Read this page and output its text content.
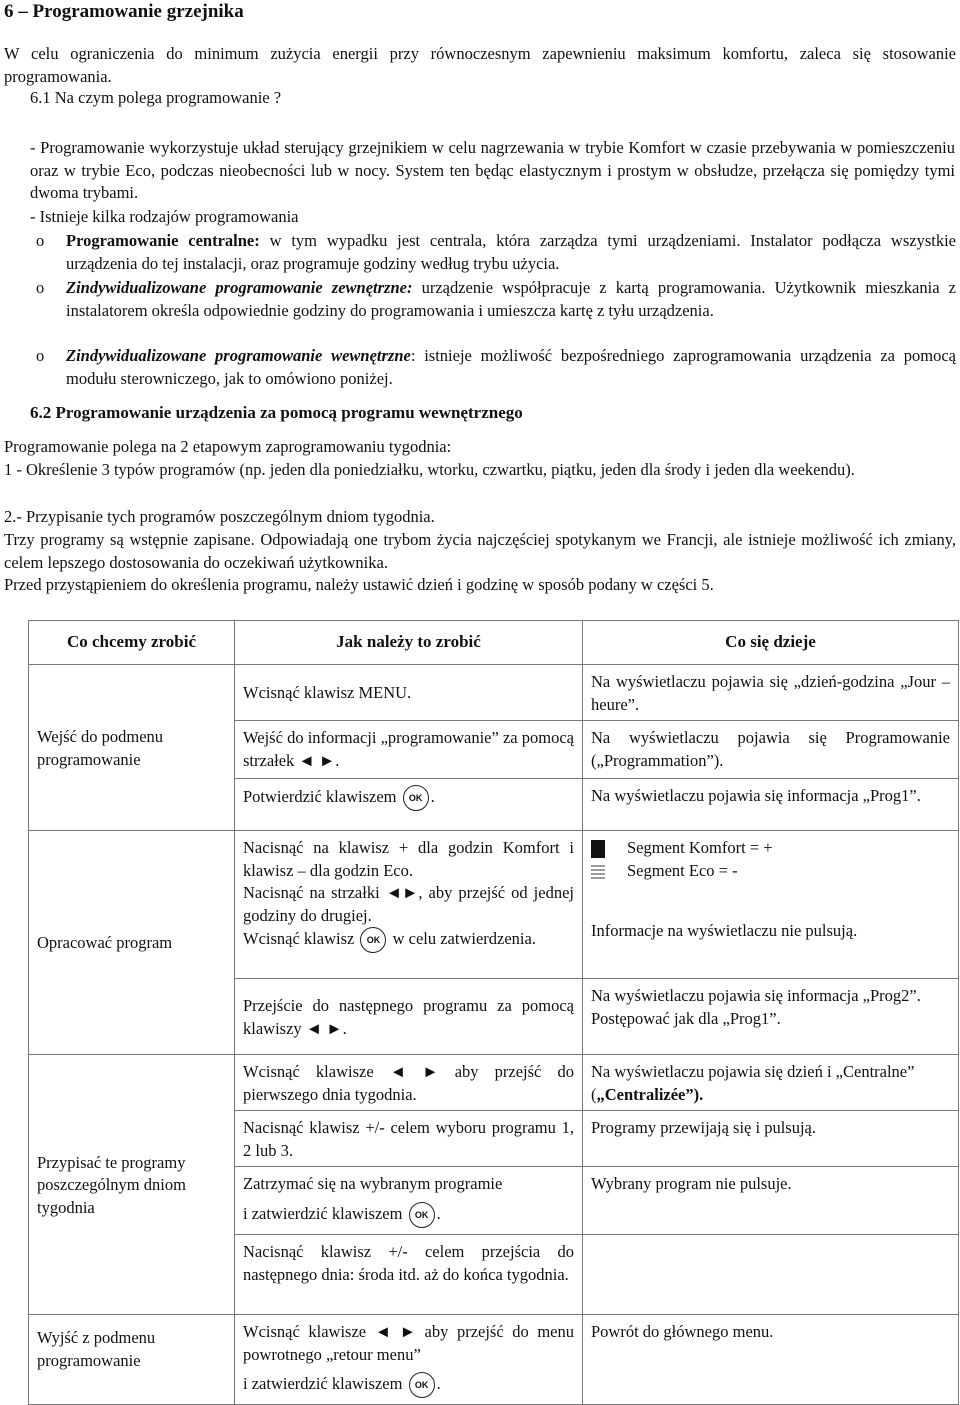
6 – Programowanie grzejnika

W celu ograniczenia do minimum zużycia energii przy równoczesnym zapewnieniu maksimum komfortu, zaleca się stosowanie programowania.

6.1 Na czym polega programowanie ?

- Programowanie wykorzystuje układ sterujący grzejnikiem w celu nagrzewania w trybie Komfort w czasie przebywania w pomieszczeniu oraz w trybie Eco, podczas nieobecności lub w nocy. System ten będąc elastycznym i prostym w obsłudze, przełącza się pomiędzy tymi dwoma trybami.

- Istnieje kilka rodzajów programowania

o Programowanie centralne: w tym wypadku jest centrala, która zarządza tymi urządzeniami. Instalator podłącza wszystkie urządzenia do tej instalacji, oraz programuje godziny według trybu użycia.
o Zindywidualizowane programowanie zewnętrzne: urządzenie współpracuje z kartą programowania. Użytkownik mieszkania z instalatorem określa odpowiednie godziny do programowania i umieszcza kartę z tyłu urządzenia.
o Zindywidualizowane programowanie wewnętrzne: istnieje możliwość bezpośredniego zaprogramowania urządzenia za pomocą modułu sterowniczego, jak to omówiono poniżej.
6.2 Programowanie urządzenia za pomocą programu wewnętrznego

Programowanie polega na 2 etapowym zaprogramowaniu tygodnia:

1 - Określenie 3 typów programów (np. jeden dla poniedziałku, wtorku, czwartku, piątku, jeden dla środy i jeden dla weekendu).

2.- Przypisanie tych programów poszczególnym dniom tygodnia.

Trzy programy są wstępnie zapisane. Odpowiadają one trybom życia najczęściej spotykanym we Francji, ale istnieje możliwość ich zmiany, celem lepszego dostosowania do oczekiwań użytkownika.

Przed przystąpieniem do określenia programu, należy ustawić dzień i godzinę w sposób podany w części 5.

Co chcemy zrobić	Jak należy to zrobić	Co się dzieje
Wejść do podmenu programowanie	Wcisnąć klawisz MENU.	Na wyświetlaczu pojawia się „dzień-godzina „Jour – heure”.
	Wejść do informacji „programowanie” za pomocą strzałek ◄ ►.	Na wyświetlaczu pojawia się Programowanie („Programmation”).
	Potwierdzić klawiszem OK .	Na wyświetlaczu pojawia się informacja „Prog1”.
Opracować program	Nacisnąć na klawisz + dla godzin Komfort i klawisz – dla godzin Eco.
Nacisnąć na strzałki ◄►, aby przejść od jednej godziny do drugiej.
Wcisnąć klawisz OK w celu zatwierdzenia.	Segment Komfort = +
Segment Eco = -
Informacje na wyświetlaczu nie pulsują.

	Przejście do następnego programu za pomocą klawiszy ◄ ►.	Na wyświetlaczu pojawia się informacja „Prog2”.
Postępować jak dla „Prog1”.
Przypisać te programy poszczególnym dniom tygodnia	Wcisnąć klawisze ◄ ► aby przejść do pierwszego dnia tygodnia.	Na wyświetlaczu pojawia się dzień i „Centralne” („Centralizée”).
	Nacisnąć klawisz +/- celem wyboru programu 1, 2 lub 3.	Programy przewijają się i pulsują.
	Zatrzymać się na wybranym programie
i zatwierdzić klawiszem OK .	Wybrany program nie pulsuje.
	Nacisnąć klawisz +/- celem przejścia do następnego dnia: środa itd. aż do końca tygodnia.	
Wyjść z podmenu programowanie	Wcisnąć klawisze ◄ ► aby przejść do menu powrotnego „retour menu”
i zatwierdzić klawiszem OK .	Powrót do głównego menu.
